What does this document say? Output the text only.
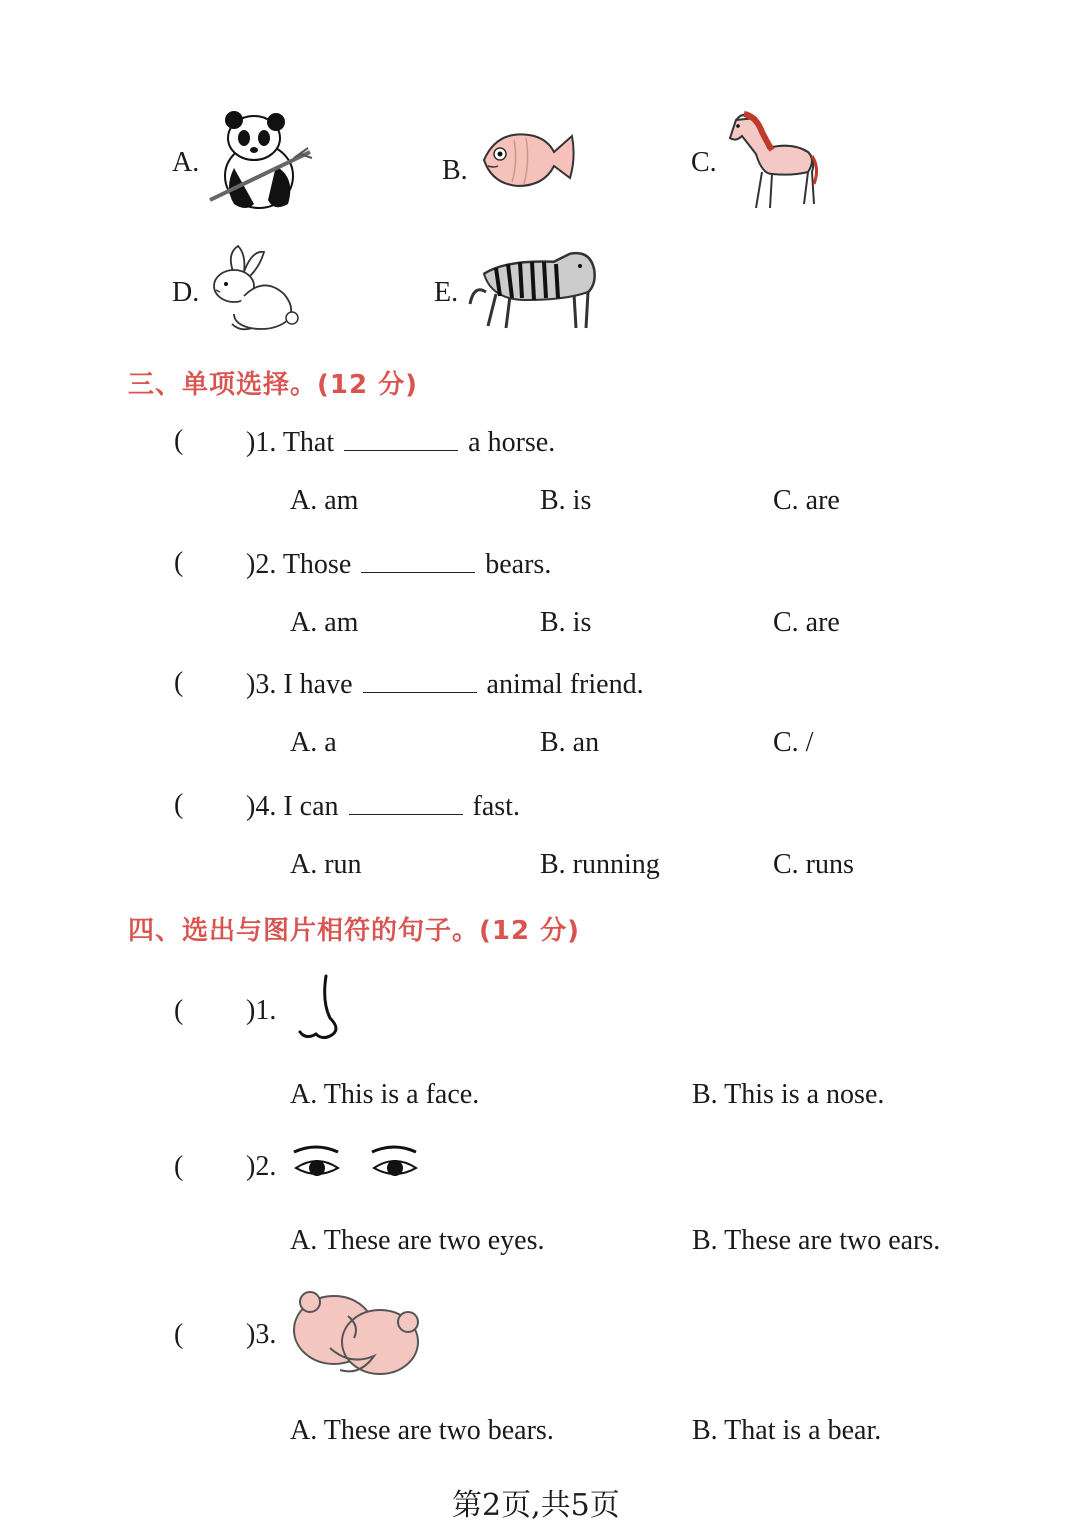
A.	B.	C.
D.	E.
三、单项选择。(12 分)
( )1. That	a horse.
A. am	B. is	C. are
( )2. Those	bears.
A. am	B. is	C. are
( )3. I have	animal friend.
A. a	B. an	C. /
( )4. I can	fast.
A. run	B. running	C. runs
四、选出与图片相符的句子。(12 分)
( )1.
A. This is a face.	B. This is a nose.
( )2.
A. These are two eyes.	B. These are two ears.
( )3.
A. These are two bears.	B. That is a bear.
第2页,共5页
